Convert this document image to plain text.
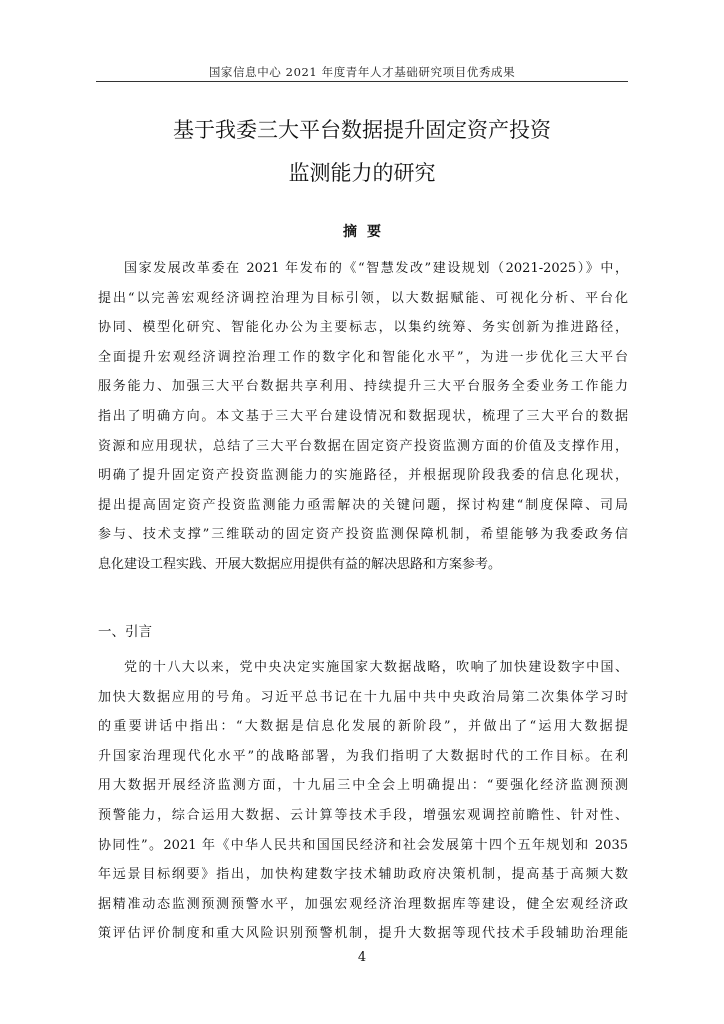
国家信息中心 2021 年度青年人才基础研究项目优秀成果
基于我委三大平台数据提升固定资产投资
监测能力的研究
摘要
国家发展改革委在 2021 年发布的《“智慧发改”建设规划（2021-2025）》中，
提出“以完善宏观经济调控治理为目标引领，以大数据赋能、可视化分析、平台化
协同、模型化研究、智能化办公为主要标志，以集约统筹、务实创新为推进路径，
全面提升宏观经济调控治理工作的数字化和智能化水平”，为进一步优化三大平台
服务能力、加强三大平台数据共享利用、持续提升三大平台服务全委业务工作能力
指出了明确方向。本文基于三大平台建设情况和数据现状，梳理了三大平台的数据
资源和应用现状，总结了三大平台数据在固定资产投资监测方面的价值及支撑作用，
明确了提升固定资产投资监测能力的实施路径，并根据现阶段我委的信息化现状，
提出提高固定资产投资监测能力亟需解决的关键问题，探讨构建“制度保障、司局
参与、技术支撑”三维联动的固定资产投资监测保障机制，希望能够为我委政务信
息化建设工程实践、开展大数据应用提供有益的解决思路和方案参考。
一、引言
党的十八大以来，党中央决定实施国家大数据战略，吹响了加快建设数字中国、
加快大数据应用的号角。习近平总书记在十九届中共中央政治局第二次集体学习时
的重要讲话中指出：“大数据是信息化发展的新阶段”，并做出了“运用大数据提
升国家治理现代化水平”的战略部署，为我们指明了大数据时代的工作目标。在利
用大数据开展经济监测方面，十九届三中全会上明确提出：“要强化经济监测预测
预警能力，综合运用大数据、云计算等技术手段，增强宏观调控前瞻性、针对性、
协同性”。2021 年《中华人民共和国国民经济和社会发展第十四个五年规划和 2035
年远景目标纲要》指出，加快构建数字技术辅助政府决策机制，提高基于高频大数
据精准动态监测预测预警水平，加强宏观经济治理数据库等建设，健全宏观经济政
策评估评价制度和重大风险识别预警机制，提升大数据等现代技术手段辅助治理能
4
